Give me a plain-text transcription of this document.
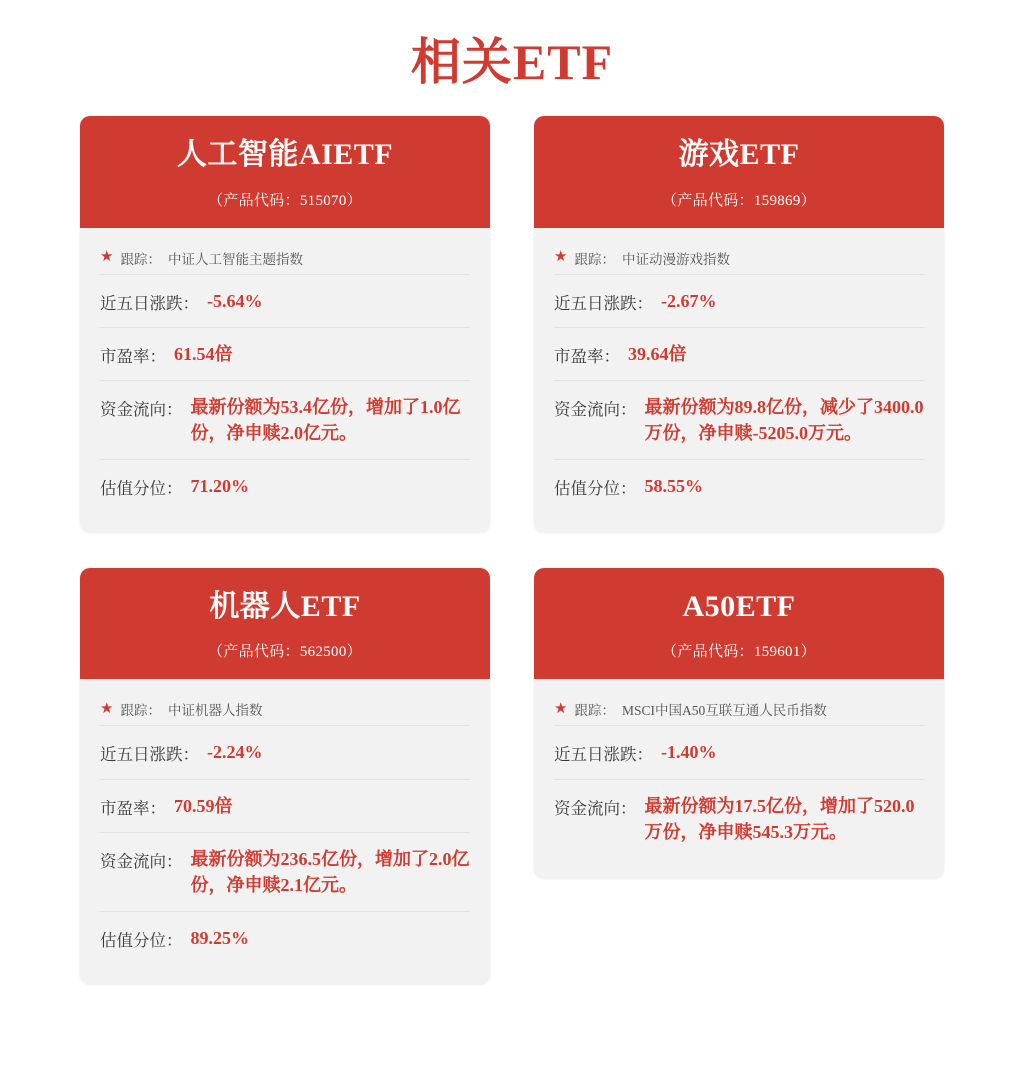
相关ETF
人工智能AIETF
（产品代码：515070）
★ 跟踪： 中证人工智能主题指数
近五日涨跌： -5.64%
市盈率： 61.54倍
资金流向： 最新份额为53.4亿份，增加了1.0亿份，净申赎2.0亿元。
估值分位： 71.20%
游戏ETF
（产品代码：159869）
★ 跟踪： 中证动漫游戏指数
近五日涨跌： -2.67%
市盈率： 39.64倍
资金流向： 最新份额为89.8亿份，减少了3400.0万份，净申赎-5205.0万元。
估值分位： 58.55%
机器人ETF
（产品代码：562500）
★ 跟踪： 中证机器人指数
近五日涨跌： -2.24%
市盈率： 70.59倍
资金流向： 最新份额为236.5亿份，增加了2.0亿份，净申赎2.1亿元。
估值分位： 89.25%
A50ETF
（产品代码：159601）
★ 跟踪： MSCI中国A50互联互通人民币指数
近五日涨跌： -1.40%
资金流向： 最新份额为17.5亿份，增加了520.0万份，净申赎545.3万元。
